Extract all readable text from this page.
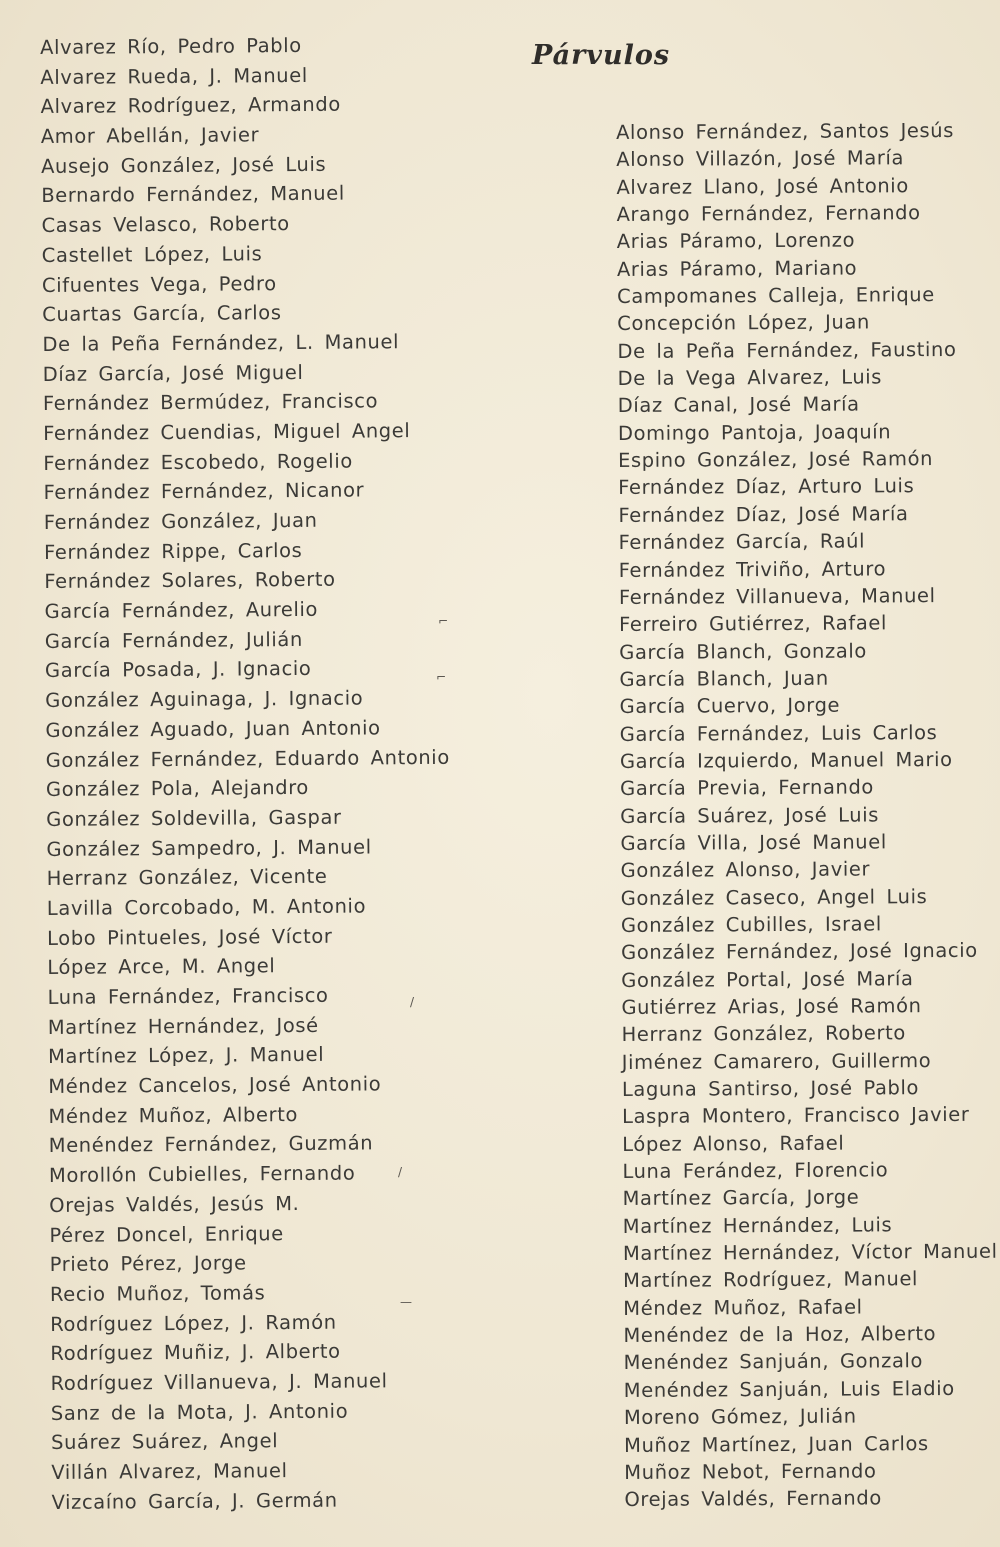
Párvulos
Alvarez Río, Pedro Pablo
Alvarez Rueda, J. Manuel
Alvarez Rodríguez, Armando
Amor Abellán, Javier
Ausejo González, José Luis
Bernardo Fernández, Manuel
Casas Velasco, Roberto
Castellet López, Luis
Cifuentes Vega, Pedro
Cuartas García, Carlos
De la Peña Fernández, L. Manuel
Díaz García, José Miguel
Fernández Bermúdez, Francisco
Fernández Cuendias, Miguel Angel
Fernández Escobedo, Rogelio
Fernández Fernández, Nicanor
Fernández González, Juan
Fernández Rippe, Carlos
Fernández Solares, Roberto
García Fernández, Aurelio
García Fernández, Julián
García Posada, J. Ignacio
González Aguinaga, J. Ignacio
González Aguado, Juan Antonio
González Fernández, Eduardo Antonio
González Pola, Alejandro
González Soldevilla, Gaspar
González Sampedro, J. Manuel
Herranz González, Vicente
Lavilla Corcobado, M. Antonio
Lobo Pintueles, José Víctor
López Arce, M. Angel
Luna Fernández, Francisco
Martínez Hernández, José
Martínez López, J. Manuel
Méndez Cancelos, José Antonio
Méndez Muñoz, Alberto
Menéndez Fernández, Guzmán
Morollón Cubielles, Fernando
Orejas Valdés, Jesús M.
Pérez Doncel, Enrique
Prieto Pérez, Jorge
Recio Muñoz, Tomás
Rodríguez López, J. Ramón
Rodríguez Muñiz, J. Alberto
Rodríguez Villanueva, J. Manuel
Sanz de la Mota, J. Antonio
Suárez Suárez, Angel
Villán Alvarez, Manuel
Vizcaíno García, J. Germán
Alonso Fernández, Santos Jesús
Alonso Villazón, José María
Alvarez Llano, José Antonio
Arango Fernández, Fernando
Arias Páramo, Lorenzo
Arias Páramo, Mariano
Campomanes Calleja, Enrique
Concepción López, Juan
De la Peña Fernández, Faustino
De la Vega Alvarez, Luis
Díaz Canal, José María
Domingo Pantoja, Joaquín
Espino González, José Ramón
Fernández Díaz, Arturo Luis
Fernández Díaz, José María
Fernández García, Raúl
Fernández Triviño, Arturo
Fernández Villanueva, Manuel
Ferreiro Gutiérrez, Rafael
García Blanch, Gonzalo
García Blanch, Juan
García Cuervo, Jorge
García Fernández, Luis Carlos
García Izquierdo, Manuel Mario
García Previa, Fernando
García Suárez, José Luis
García Villa, José Manuel
González Alonso, Javier
González Caseco, Angel Luis
González Cubilles, Israel
González Fernández, José Ignacio
González Portal, José María
Gutiérrez Arias, José Ramón
Herranz González, Roberto
Jiménez Camarero, Guillermo
Laguna Santirso, José Pablo
Laspra Montero, Francisco Javier
López Alonso, Rafael
Luna Ferández, Florencio
Martínez García, Jorge
Martínez Hernández, Luis
Martínez Hernández, Víctor Manuel
Martínez Rodríguez, Manuel
Méndez Muñoz, Rafael
Menéndez de la Hoz, Alberto
Menéndez Sanjuán, Gonzalo
Menéndez Sanjuán, Luis Eladio
Moreno Gómez, Julián
Muñoz Martínez, Juan Carlos
Muñoz Nebot, Fernando
Orejas Valdés, Fernando
⌐
⌐
/
/
—
